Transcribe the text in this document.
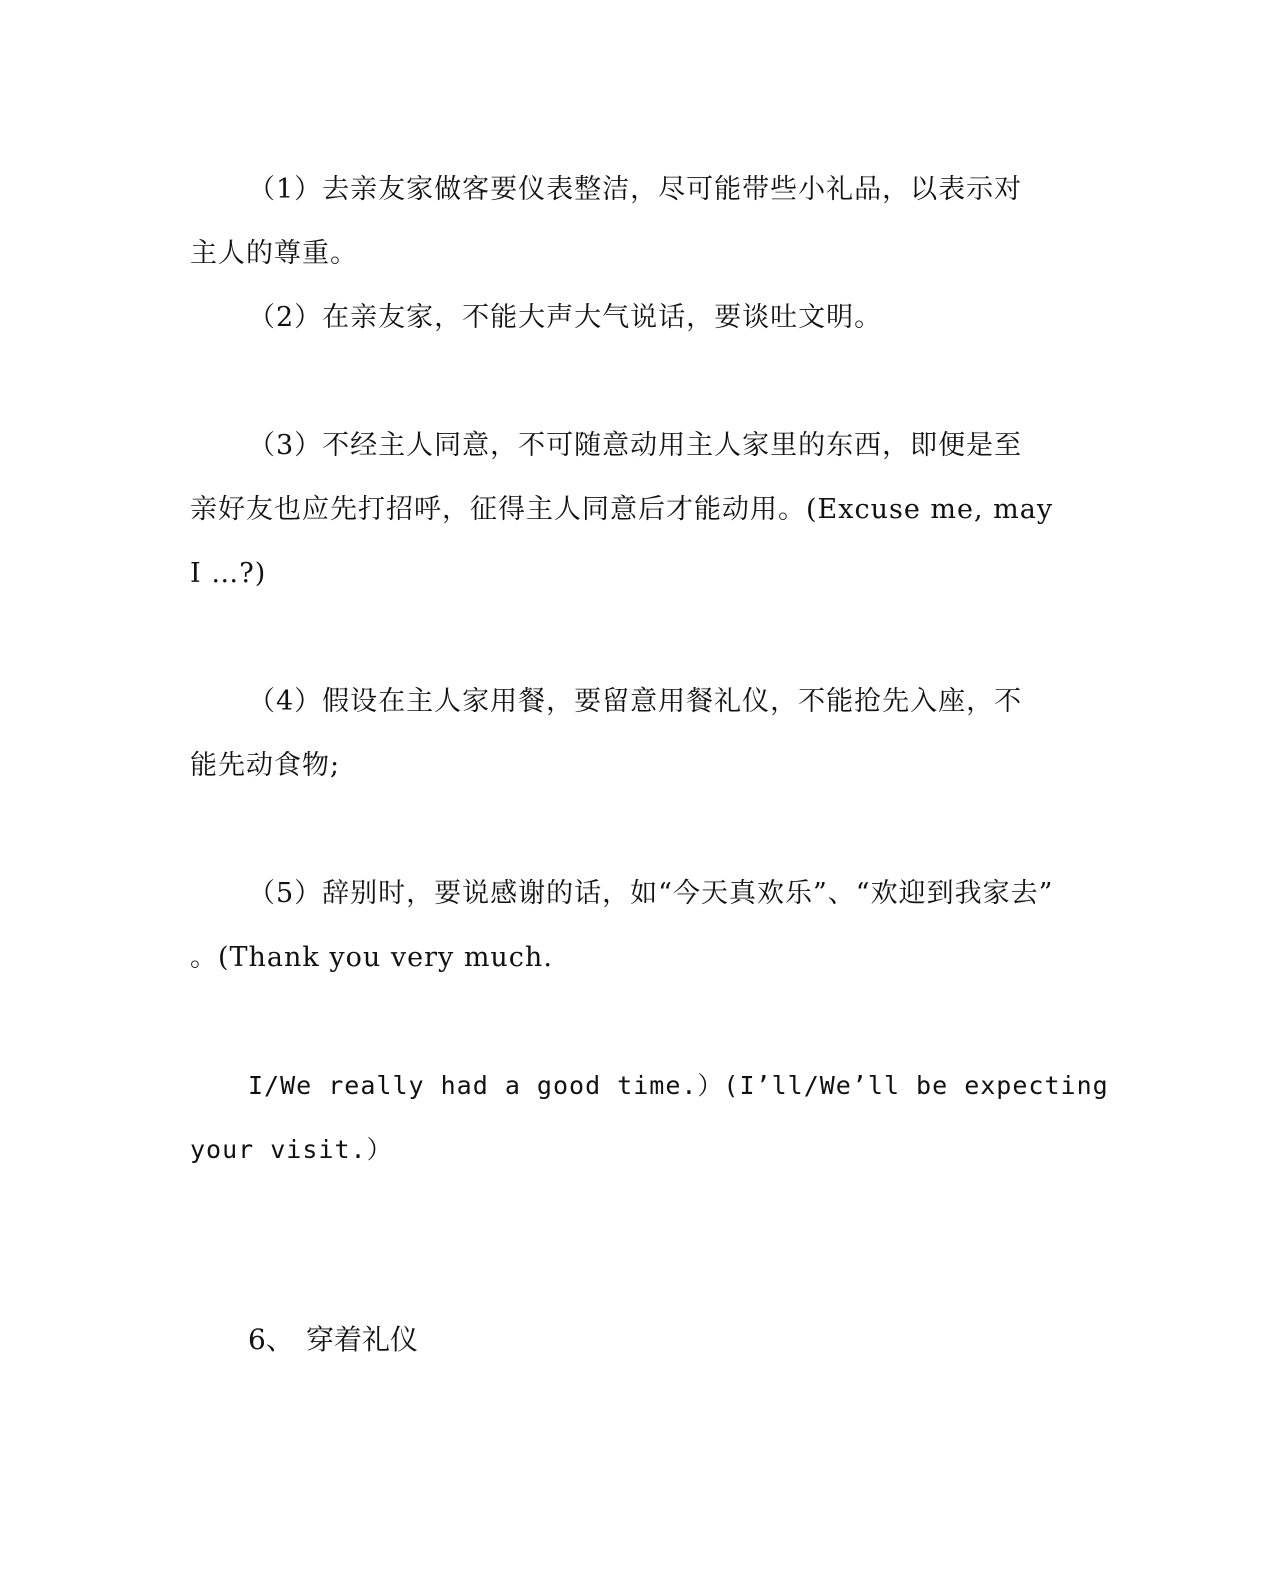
（1）去亲友家做客要仪表整洁，尽可能带些小礼品，以表示对
主人的尊重。
（2）在亲友家，不能大声大气说话，要谈吐文明。
（3）不经主人同意，不可随意动用主人家里的东西，即便是至
亲好友也应先打招呼，征得主人同意后才能动用。(Excuse me, may
I …?)
（4）假设在主人家用餐，要留意用餐礼仪，不能抢先入座，不
能先动食物;
（5）辞别时，要说感谢的话，如“今天真欢乐”、“欢迎到我家去”
。(Thank you very much.
I/We really had a good time.）(I’ll/We’ll be expecting
your visit.）
6、 穿着礼仪
